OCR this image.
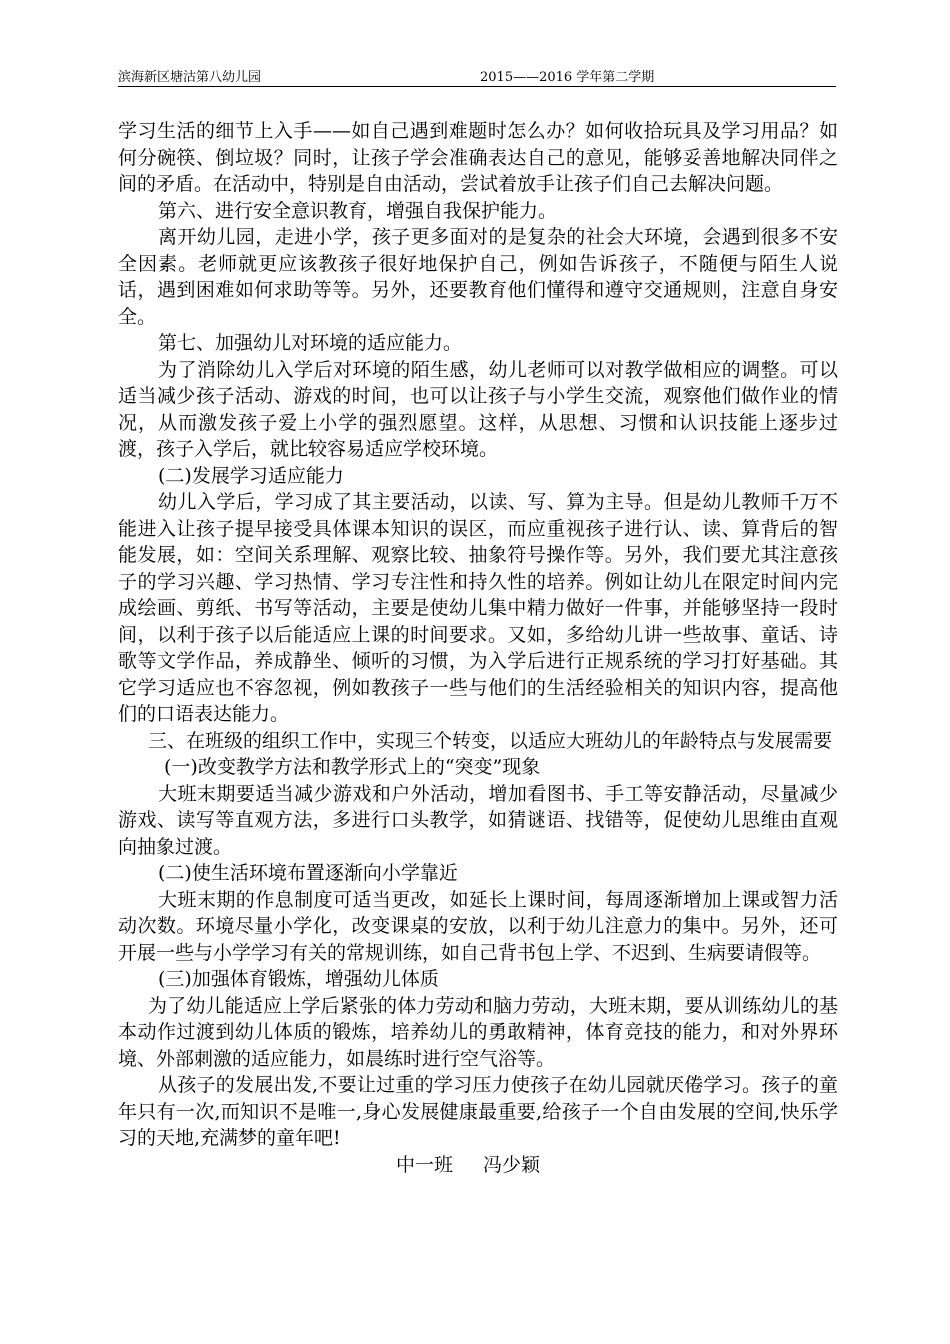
滨海新区塘沽第八幼儿园	2015——2016 学年第二学期

学习生活的细节上入手——如自己遇到难题时怎么办？如何收拾玩具及学习用品？如何分碗筷、倒垃圾？同时，让孩子学会准确表达自己的意见，能够妥善地解决同伴之间的矛盾。在活动中，特别是自由活动，尝试着放手让孩子们自己去解决问题。

第六、进行安全意识教育，增强自我保护能力。

离开幼儿园，走进小学，孩子更多面对的是复杂的社会大环境，会遇到很多不安全因素。老师就更应该教孩子很好地保护自己，例如告诉孩子，不随便与陌生人说话，遇到困难如何求助等等。另外，还要教育他们懂得和遵守交通规则，注意自身安全。

第七、加强幼儿对环境的适应能力。

为了消除幼儿入学后对环境的陌生感，幼儿老师可以对教学做相应的调整。可以适当减少孩子活动、游戏的时间，也可以让孩子与小学生交流，观察他们做作业的情况，从而激发孩子爱上小学的强烈愿望。这样，从思想、习惯和认识技能上逐步过渡，孩子入学后，就比较容易适应学校环境。

(二)发展学习适应能力

幼儿入学后，学习成了其主要活动，以读、写、算为主导。但是幼儿教师千万不能进入让孩子提早接受具体课本知识的误区，而应重视孩子进行认、读、算背后的智能发展，如：空间关系理解、观察比较、抽象符号操作等。另外，我们要尤其注意孩子的学习兴趣、学习热情、学习专注性和持久性的培养。例如让幼儿在限定时间内完成绘画、剪纸、书写等活动，主要是使幼儿集中精力做好一件事，并能够坚持一段时间，以利于孩子以后能适应上课的时间要求。又如，多给幼儿讲一些故事、童话、诗歌等文学作品，养成静坐、倾听的习惯，为入学后进行正规系统的学习打好基础。其它学习适应也不容忽视，例如教孩子一些与他们的生活经验相关的知识内容，提高他们的口语表达能力。

三、在班级的组织工作中，实现三个转变，以适应大班幼儿的年龄特点与发展需要

(一)改变教学方法和教学形式上的“突变”现象

大班末期要适当减少游戏和户外活动，增加看图书、手工等安静活动，尽量减少游戏、读写等直观方法，多进行口头教学，如猜谜语、找错等，促使幼儿思维由直观向抽象过渡。

(二)使生活环境布置逐渐向小学靠近

大班末期的作息制度可适当更改，如延长上课时间，每周逐渐增加上课或智力活动次数。环境尽量小学化，改变课桌的安放，以利于幼儿注意力的集中。另外，还可开展一些与小学学习有关的常规训练，如自己背书包上学、不迟到、生病要请假等。

(三)加强体育锻炼，增强幼儿体质

为了幼儿能适应上学后紧张的体力劳动和脑力劳动，大班末期，要从训练幼儿的基本动作过渡到幼儿体质的锻炼，培养幼儿的勇敢精神，体育竞技的能力，和对外界环境、外部刺激的适应能力，如晨练时进行空气浴等。

从孩子的发展出发,不要让过重的学习压力使孩子在幼儿园就厌倦学习。孩子的童年只有一次,而知识不是唯一,身心发展健康最重要,给孩子一个自由发展的空间,快乐学习的天地,充满梦的童年吧!

中一班 冯少颖
